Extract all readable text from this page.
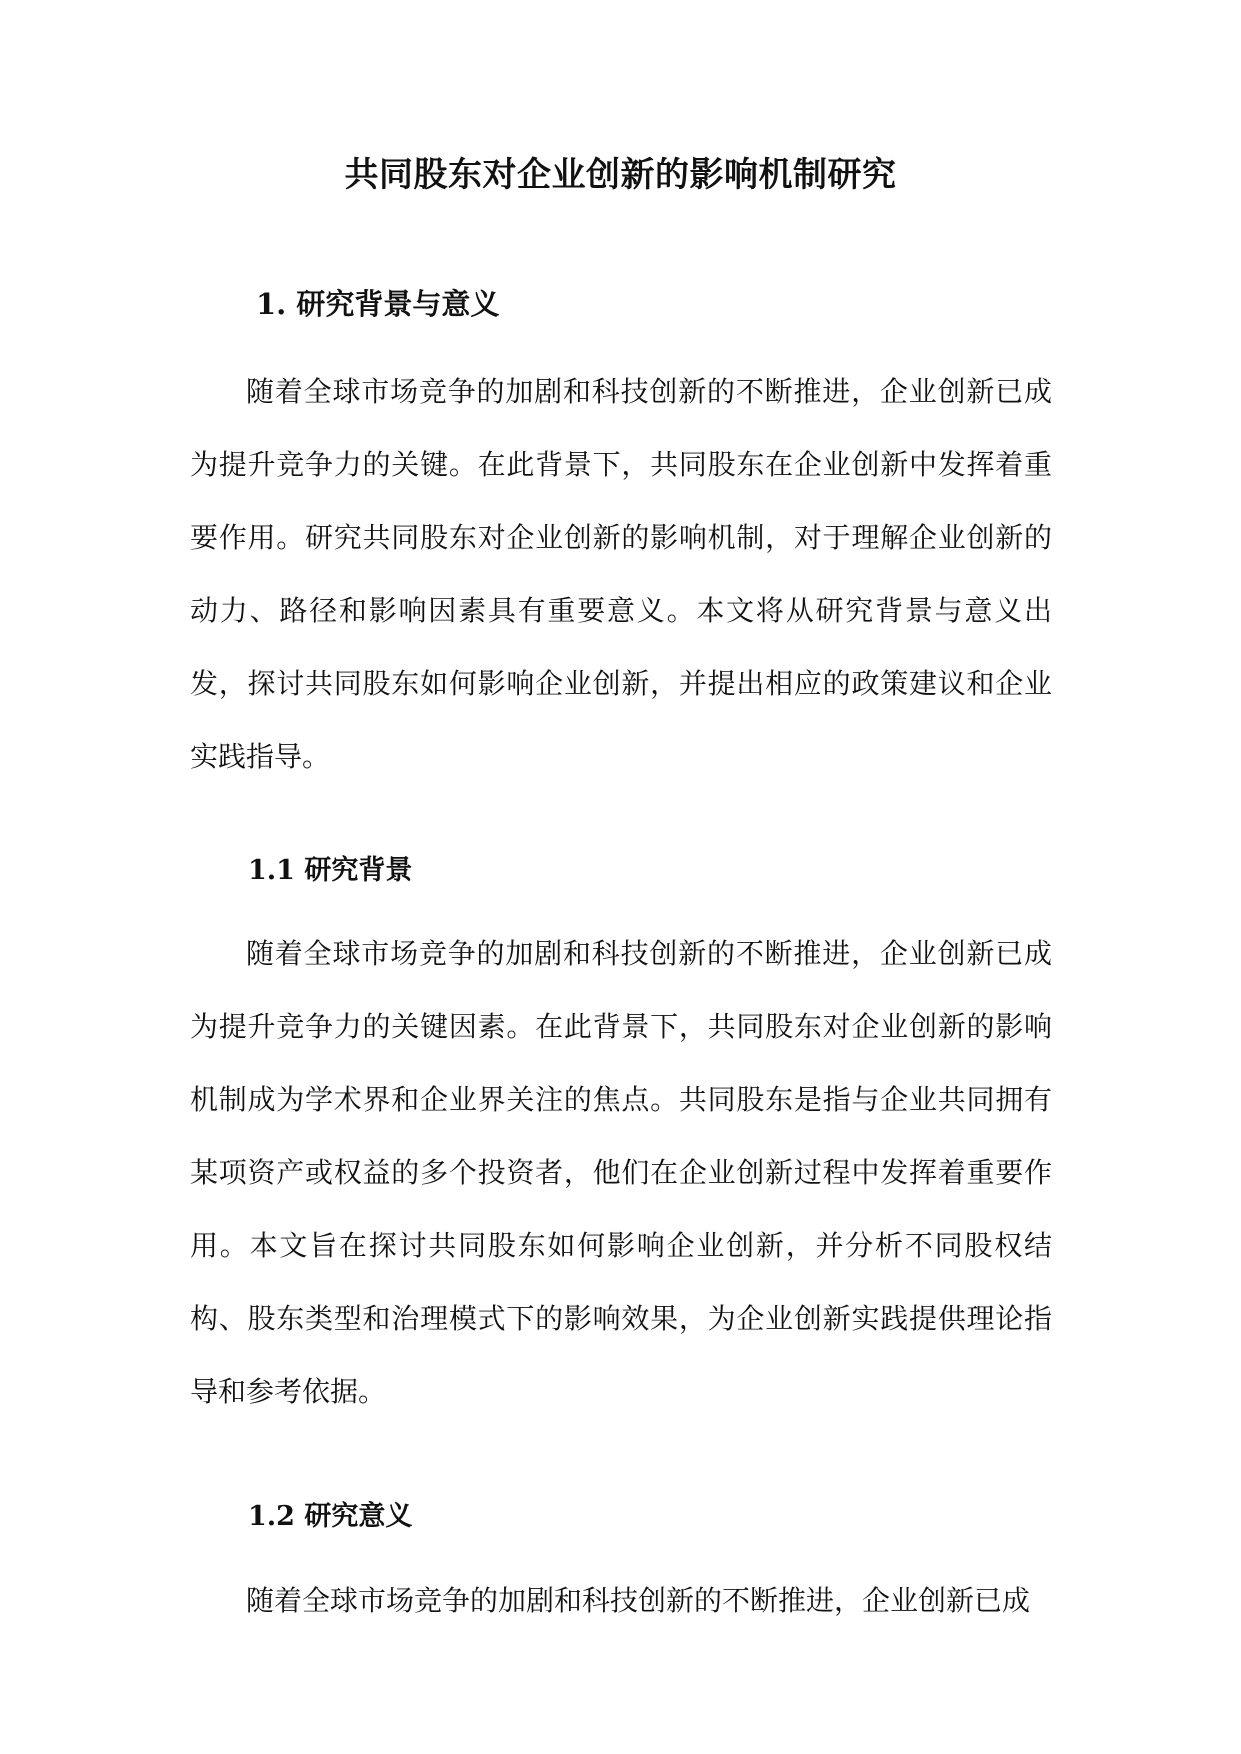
共同股东对企业创新的影响机制研究
1. 研究背景与意义

随着全球市场竞争的加剧和科技创新的不断推进，企业创新已成为提升竞争力的关键。在此背景下，共同股东在企业创新中发挥着重要作用。研究共同股东对企业创新的影响机制，对于理解企业创新的动力、路径和影响因素具有重要意义。本文将从研究背景与意义出发，探讨共同股东如何影响企业创新，并提出相应的政策建议和企业实践指导。

1.1 研究背景

随着全球市场竞争的加剧和科技创新的不断推进，企业创新已成为提升竞争力的关键因素。在此背景下，共同股东对企业创新的影响机制成为学术界和企业界关注的焦点。共同股东是指与企业共同拥有某项资产或权益的多个投资者，他们在企业创新过程中发挥着重要作用。本文旨在探讨共同股东如何影响企业创新，并分析不同股权结构、股东类型和治理模式下的影响效果，为企业创新实践提供理论指导和参考依据。

1.2 研究意义

随着全球市场竞争的加剧和科技创新的不断推进，企业创新已成
